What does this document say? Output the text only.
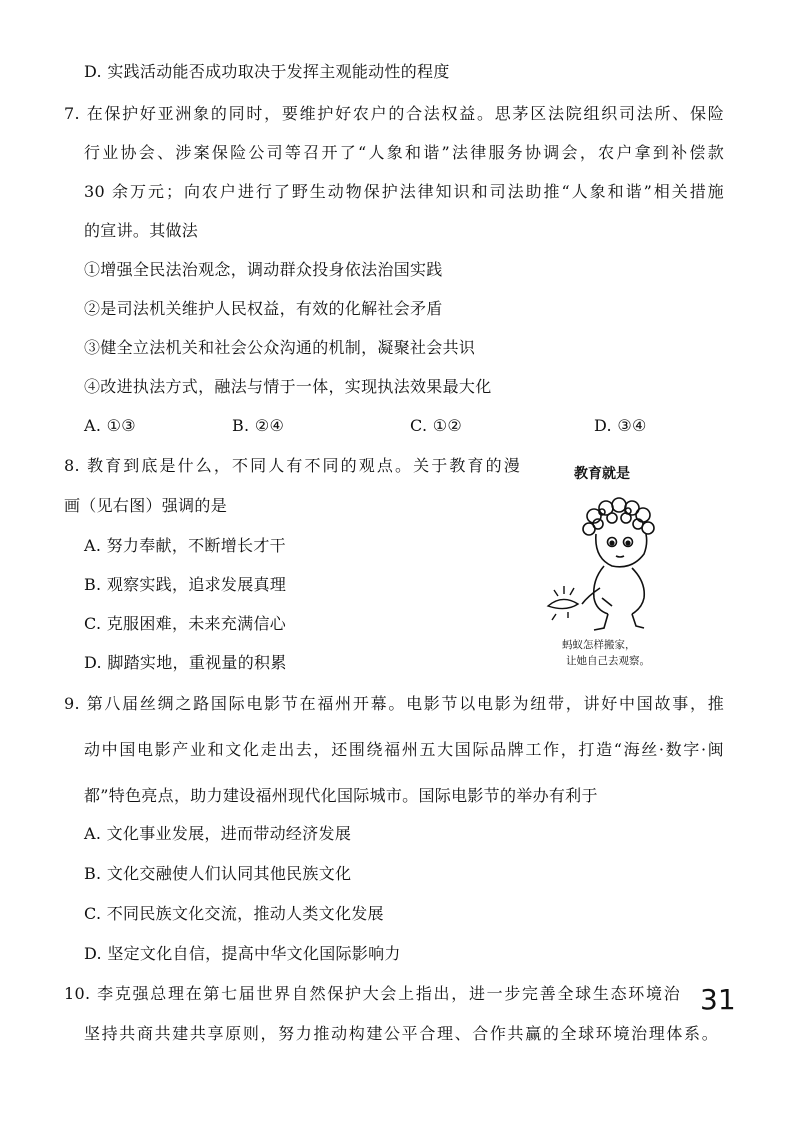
D. 实践活动能否成功取决于发挥主观能动性的程度
7. 在保护好亚洲象的同时，要维护好农户的合法权益。思茅区法院组织司法所、保险
行业协会、涉案保险公司等召开了“人象和谐”法律服务协调会，农户拿到补偿款
30 余万元；向农户进行了野生动物保护法律知识和司法助推“人象和谐”相关措施
的宣讲。其做法
①增强全民法治观念，调动群众投身依法治国实践
②是司法机关维护人民权益，有效的化解社会矛盾
③健全立法机关和社会公众沟通的机制，凝聚社会共识
④改进执法方式，融法与情于一体，实现执法效果最大化
A. ①③	B. ②④	C. ①②	D. ③④
8. 教育到底是什么，不同人有不同的观点。关于教育的漫
画（见右图）强调的是
A. 努力奉献，不断增长才干
B. 观察实践，追求发展真理
C. 克服困难，未来充满信心
D. 脚踏实地，重视量的积累
教育就是
蚂蚁怎样搬家，
让她自己去观察。
9. 第八届丝绸之路国际电影节在福州开幕。电影节以电影为纽带，讲好中国故事，推
动中国电影产业和文化走出去，还围绕福州五大国际品牌工作，打造“海丝·数字·闽
都”特色亮点，助力建设福州现代化国际城市。国际电影节的举办有利于
A. 文化事业发展，进而带动经济发展
B. 文化交融使人们认同其他民族文化
C. 不同民族文化交流，推动人类文化发展
D. 坚定文化自信，提高中华文化国际影响力
10. 李克强总理在第七届世界自然保护大会上指出，进一步完善全球生态环境治
坚持共商共建共享原则，努力推动构建公平合理、合作共赢的全球环境治理体系。
31
